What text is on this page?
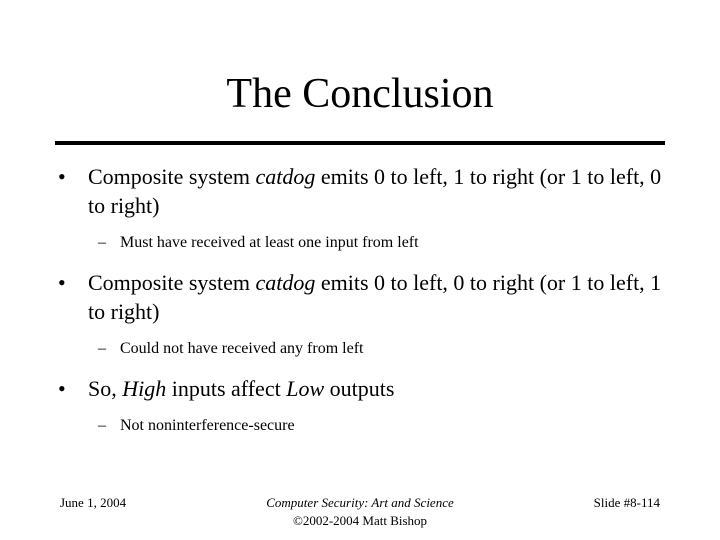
The Conclusion
• Composite system catdog emits 0 to left, 1 to right (or 1 to left, 0 to right)
– Must have received at least one input from left
• Composite system catdog emits 0 to left, 0 to right (or 1 to left, 1 to right)
– Could not have received any from left
• So, High inputs affect Low outputs
– Not noninterference-secure
June 1, 2004	Computer Security: Art and Science
©2002-2004 Matt Bishop
Slide #8-114
